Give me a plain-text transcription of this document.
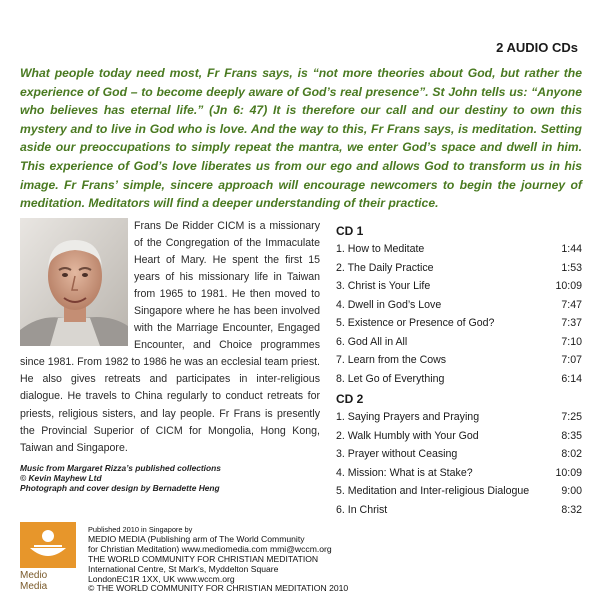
2 AUDIO CDs

What people today need most, Fr Frans says, is “not more theories about God, but rather the experience of God – to become deeply aware of God’s real presence”. St John tells us: “Anyone who believes has eternal life.” (Jn 6: 47) It is therefore our call and our destiny to own this mystery and to live in God who is love. And the way to this, Fr Frans says, is meditation. Setting aside our preoccupations to simply repeat the mantra, we enter God’s space and dwell in him. This experience of God’s love liberates us from our ego and allows God to transform us in his image. Fr Frans’ simple, sincere approach will encourage newcomers to begin the journey of meditation. Meditators will find a deeper understanding of their practice.

Frans De Ridder CICM is a missionary of the Congregation of the Immaculate Heart of Mary. He spent the first 15 years of his missionary life in Taiwan from 1965 to 1981. He then moved to Singapore where he has been involved with the Marriage Encounter, Engaged Encounter, and Choice programmes since 1981. From 1982 to 1986 he was an ecclesial team priest. He also gives retreats and participates in inter-religious dialogue. He travels to China regularly to conduct retreats for priests, religious sisters, and lay people. Fr Frans is presently the Provincial Superior of CICM for Mongolia, Hong Kong, Taiwan and Singapore.

CD 1
1. How to Meditate	1:44
2. The Daily Practice	1:53
3. Christ is Your Life	10:09
4. Dwell in God’s Love	7:47
5. Existence or Presence of God?	7:37
6. God All in All	7:10
7. Learn from the Cows	7:07
8. Let Go of Everything	6:14
CD 2
1. Saying Prayers and Praying	7:25
2. Walk Humbly with Your God	8:35
3. Prayer without Ceasing	8:02
4. Mission: What is at Stake?	10:09
5. Meditation and Inter-religious Dialogue	9:00
6. In Christ	8:32
Music from Margaret Rizza’s published collections
© Kevin Mayhew Ltd
Photograph and cover design by Bernadette Heng
Medio
Media
Published 2010 in Singapore by
MEDIO MEDIA (Publishing arm of The World Community
for Christian Meditation) www.mediomedia.com mmi@wccm.org
THE WORLD COMMUNITY FOR CHRISTIAN MEDITATION
International Centre, St Mark’s, Myddelton Square
LondonEC1R 1XX, UK www.wccm.org
© THE WORLD COMMUNITY FOR CHRISTIAN MEDITATION 2010
